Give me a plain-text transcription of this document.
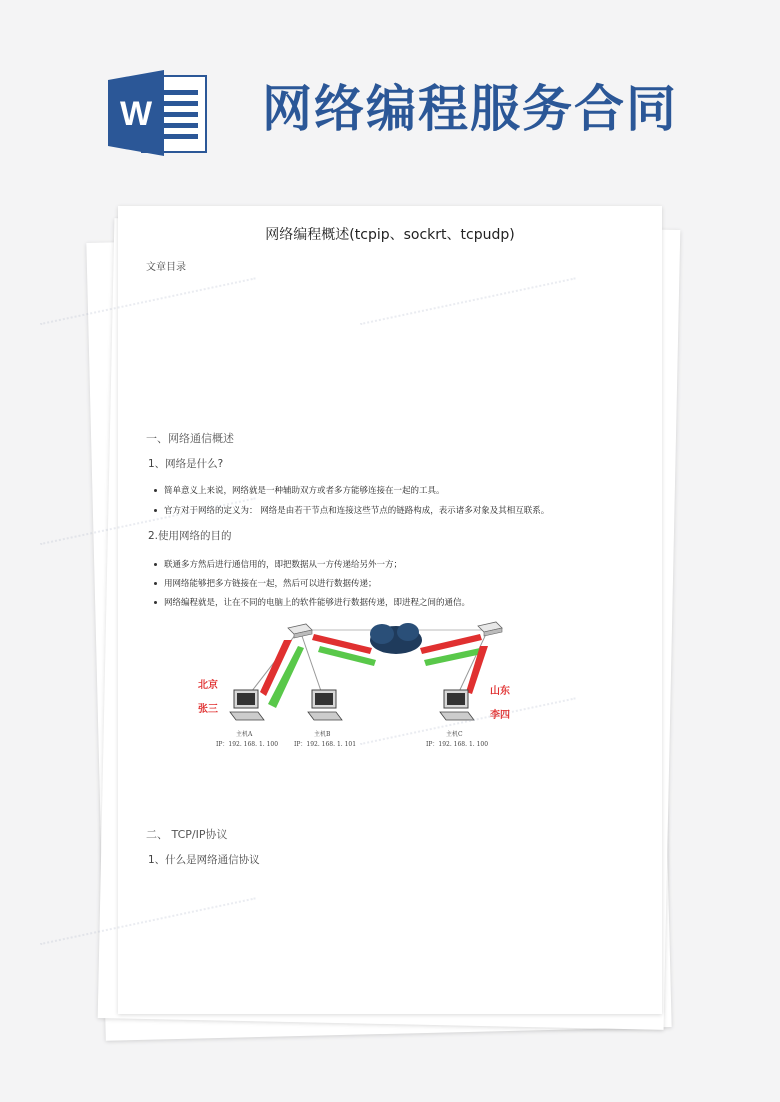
W 网络编程服务合同
网络编程概述(tcpip、sockrt、tcpudp)
文章目录
一、网络通信概述
1、网络是什么?
简单意义上来说，网络就是一种辅助双方或者多方能够连接在一起的工具。
官方对于网络的定义为： 网络是由若干节点和连接这些节点的链路构成，表示诸多对象及其相互联系。
2.使用网络的目的
联通多方然后进行通信用的，即把数据从一方传递给另外一方；
用网络能够把多方链接在一起，然后可以进行数据传递；
网络编程就是，让在不同的电脑上的软件能够进行数据传递，即进程之间的通信。
北京
张三
山东
李四
主机A
IP：192. 168. 1. 100
主机B
IP：192. 168. 1. 101
主机C
IP：192. 168. 1. 100
二、 TCP/IP协议
1、什么是网络通信协议
